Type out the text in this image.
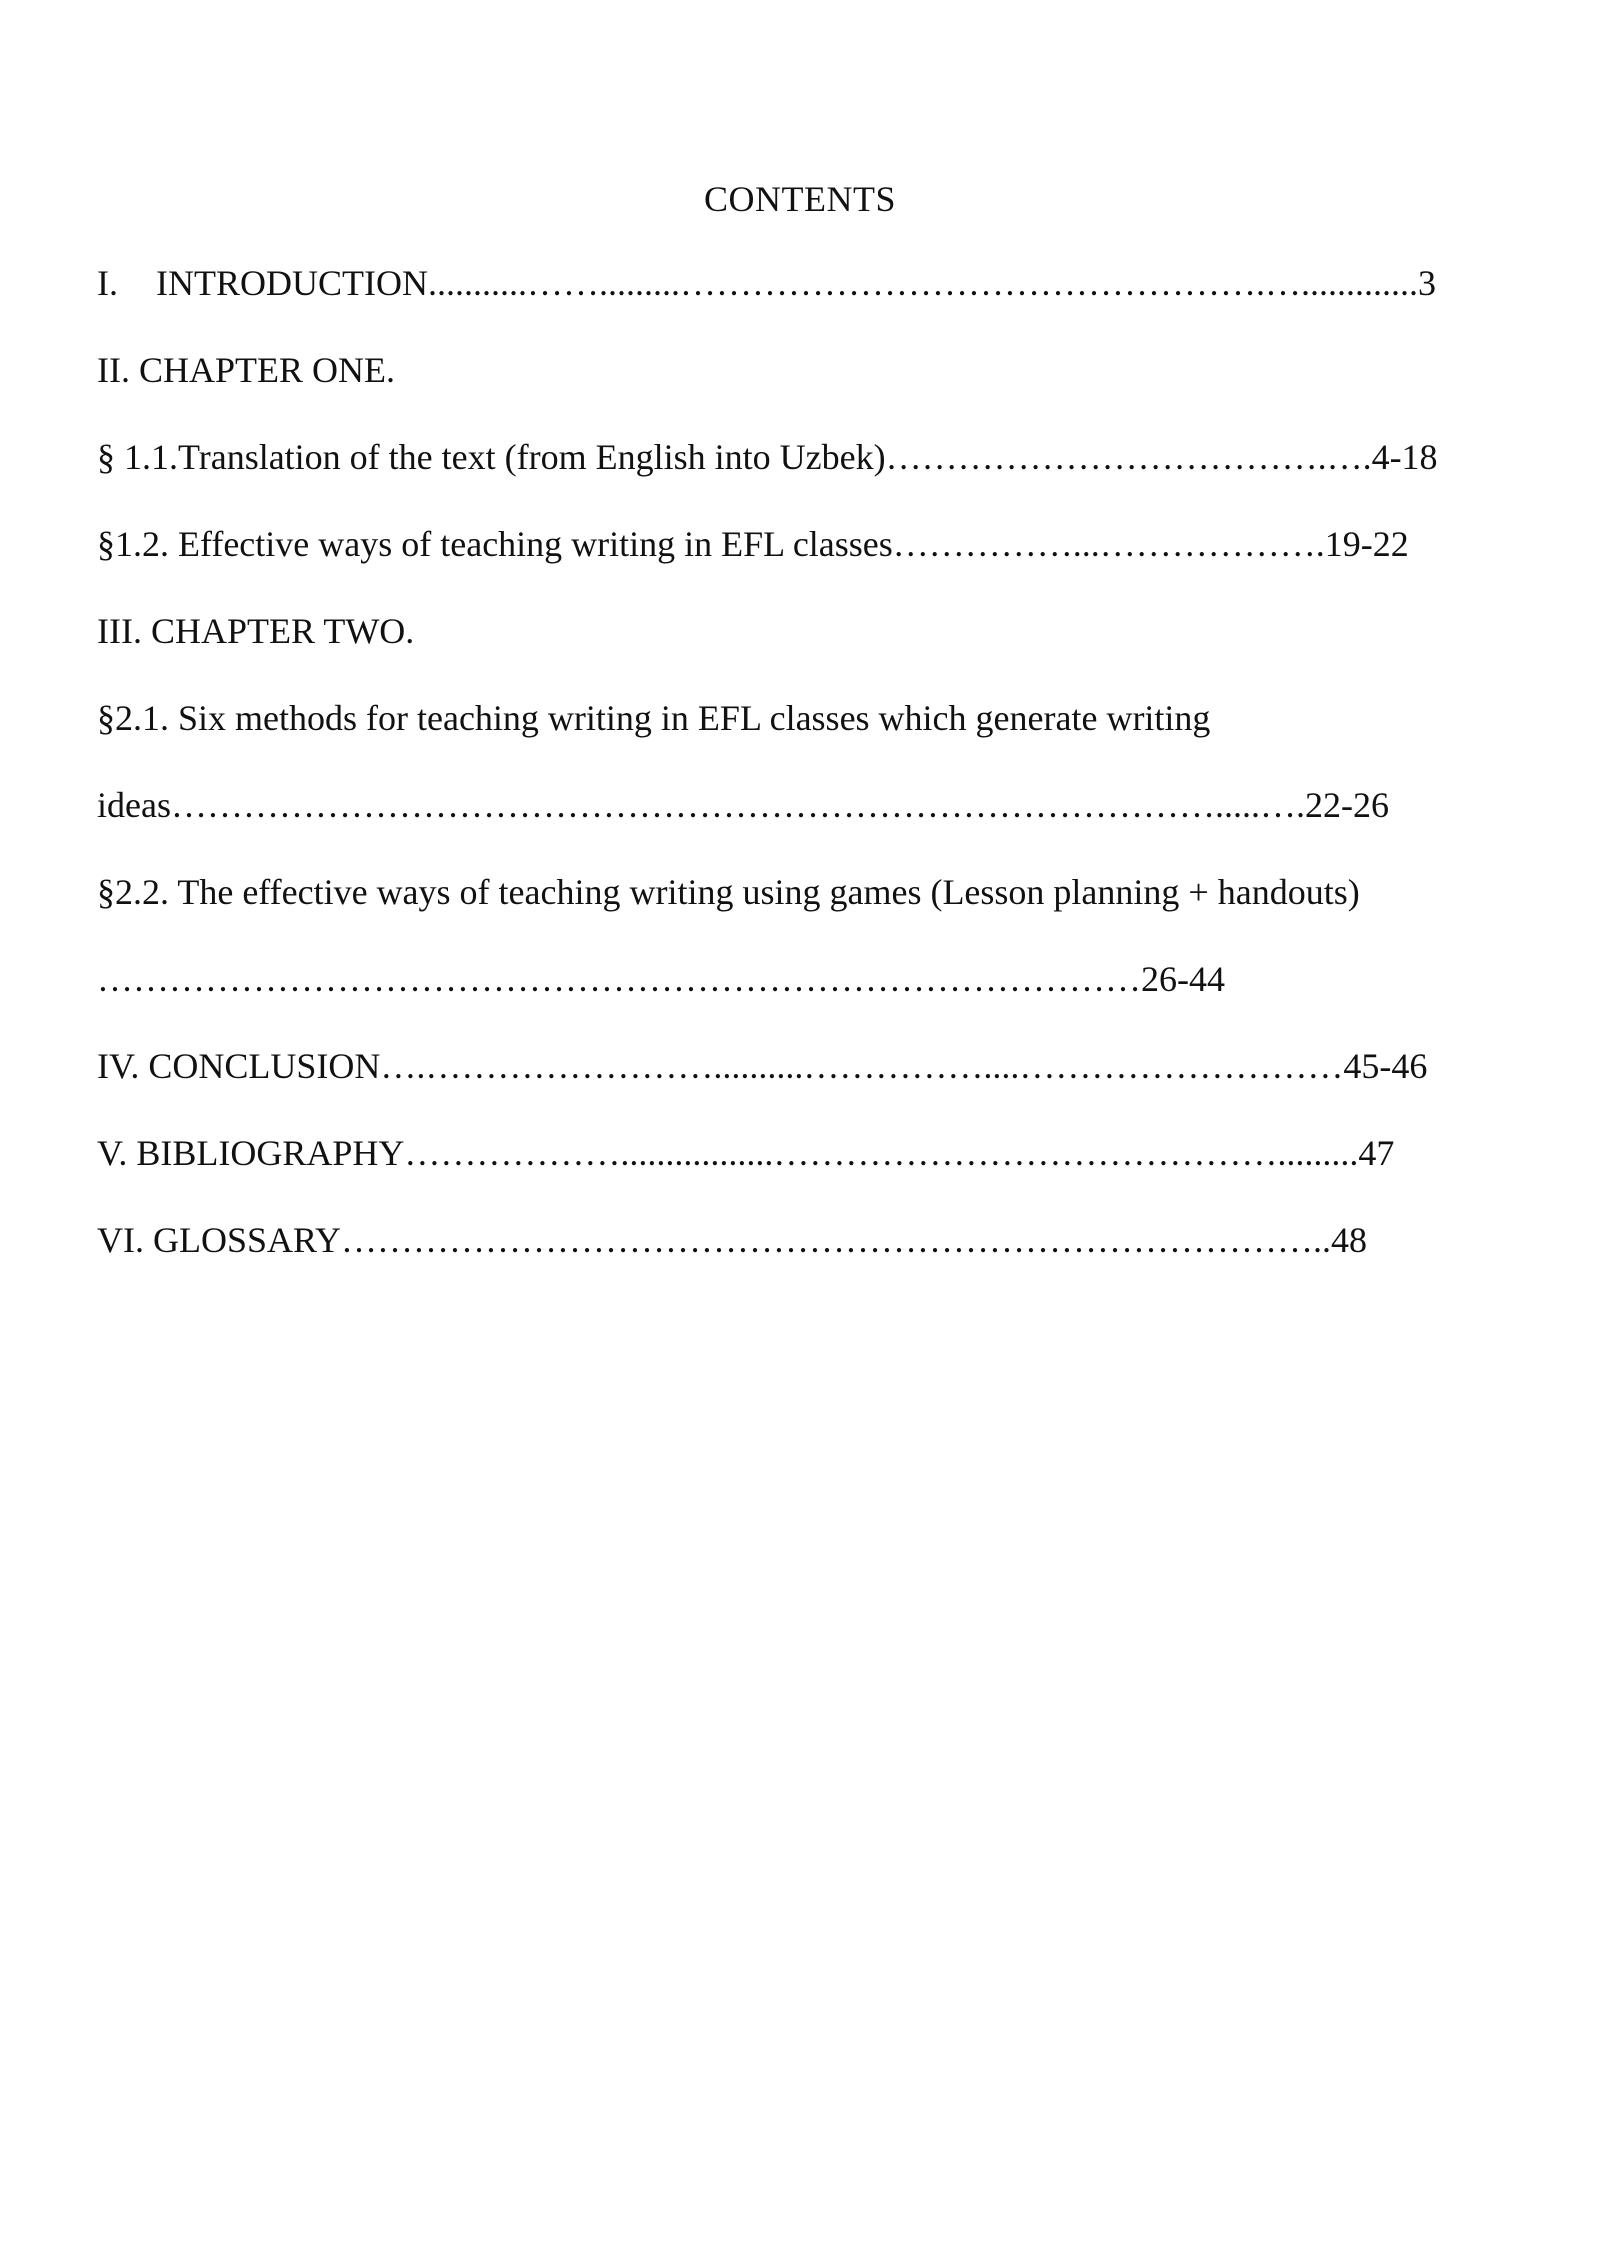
CONTENTS
I. INTRODUCTION...........…….........………………………………………….….............3
II. CHAPTER ONE.
§ 1.1.Translation of the text (from English into Uzbek)……………………………….….4-18
§1.2. Effective ways of teaching writing in EFL classes……………...……………….19-22
III. CHAPTER TWO.
§2.1. Six methods for teaching writing in EFL classes which generate writing
ideas…………………………………………………………………………….....….22-26
§2.2. The effective ways of teaching writing using games (Lesson planning + handouts)
……………………………………………………………………………26-44
IV. CONCLUSION….……………………..........……………....………………………45-46
V. BIBLIOGRAPHY……………….................…………………………………….........47
VI. GLOSSARY………………………………………………………………………..48
